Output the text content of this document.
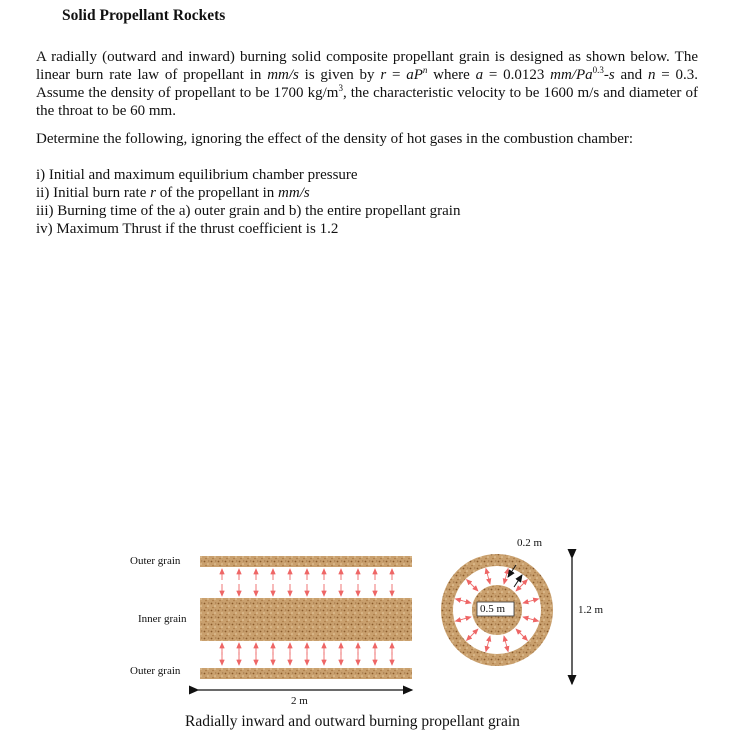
Solid Propellant Rockets
A radially (outward and inward) burning solid composite propellant grain is designed as shown below. The linear burn rate law of propellant in mm/s is given by $r = aP^n$ where a = 0.0123 $mm/Pa^{0.3}-s$ and n = 0.3. Assume the density of propellant to be 1700 $kg/m^3$, the characteristic velocity to be 1600 m/s and diameter of the throat to be 60 mm.
Determine the following, ignoring the effect of the density of hot gases in the combustion chamber:
i) Initial and maximum equilibrium chamber pressure
ii) Initial burn rate r of the propellant in mm/s
iii) Burning time of the a) outer grain and b) the entire propellant grain
iv) Maximum Thrust if the thrust coefficient is 1.2
Outer grain
Inner grain
Outer grain
2 m
0.2 m
0.5 m	1.2 m
Radially inward and outward burning propellant grain
